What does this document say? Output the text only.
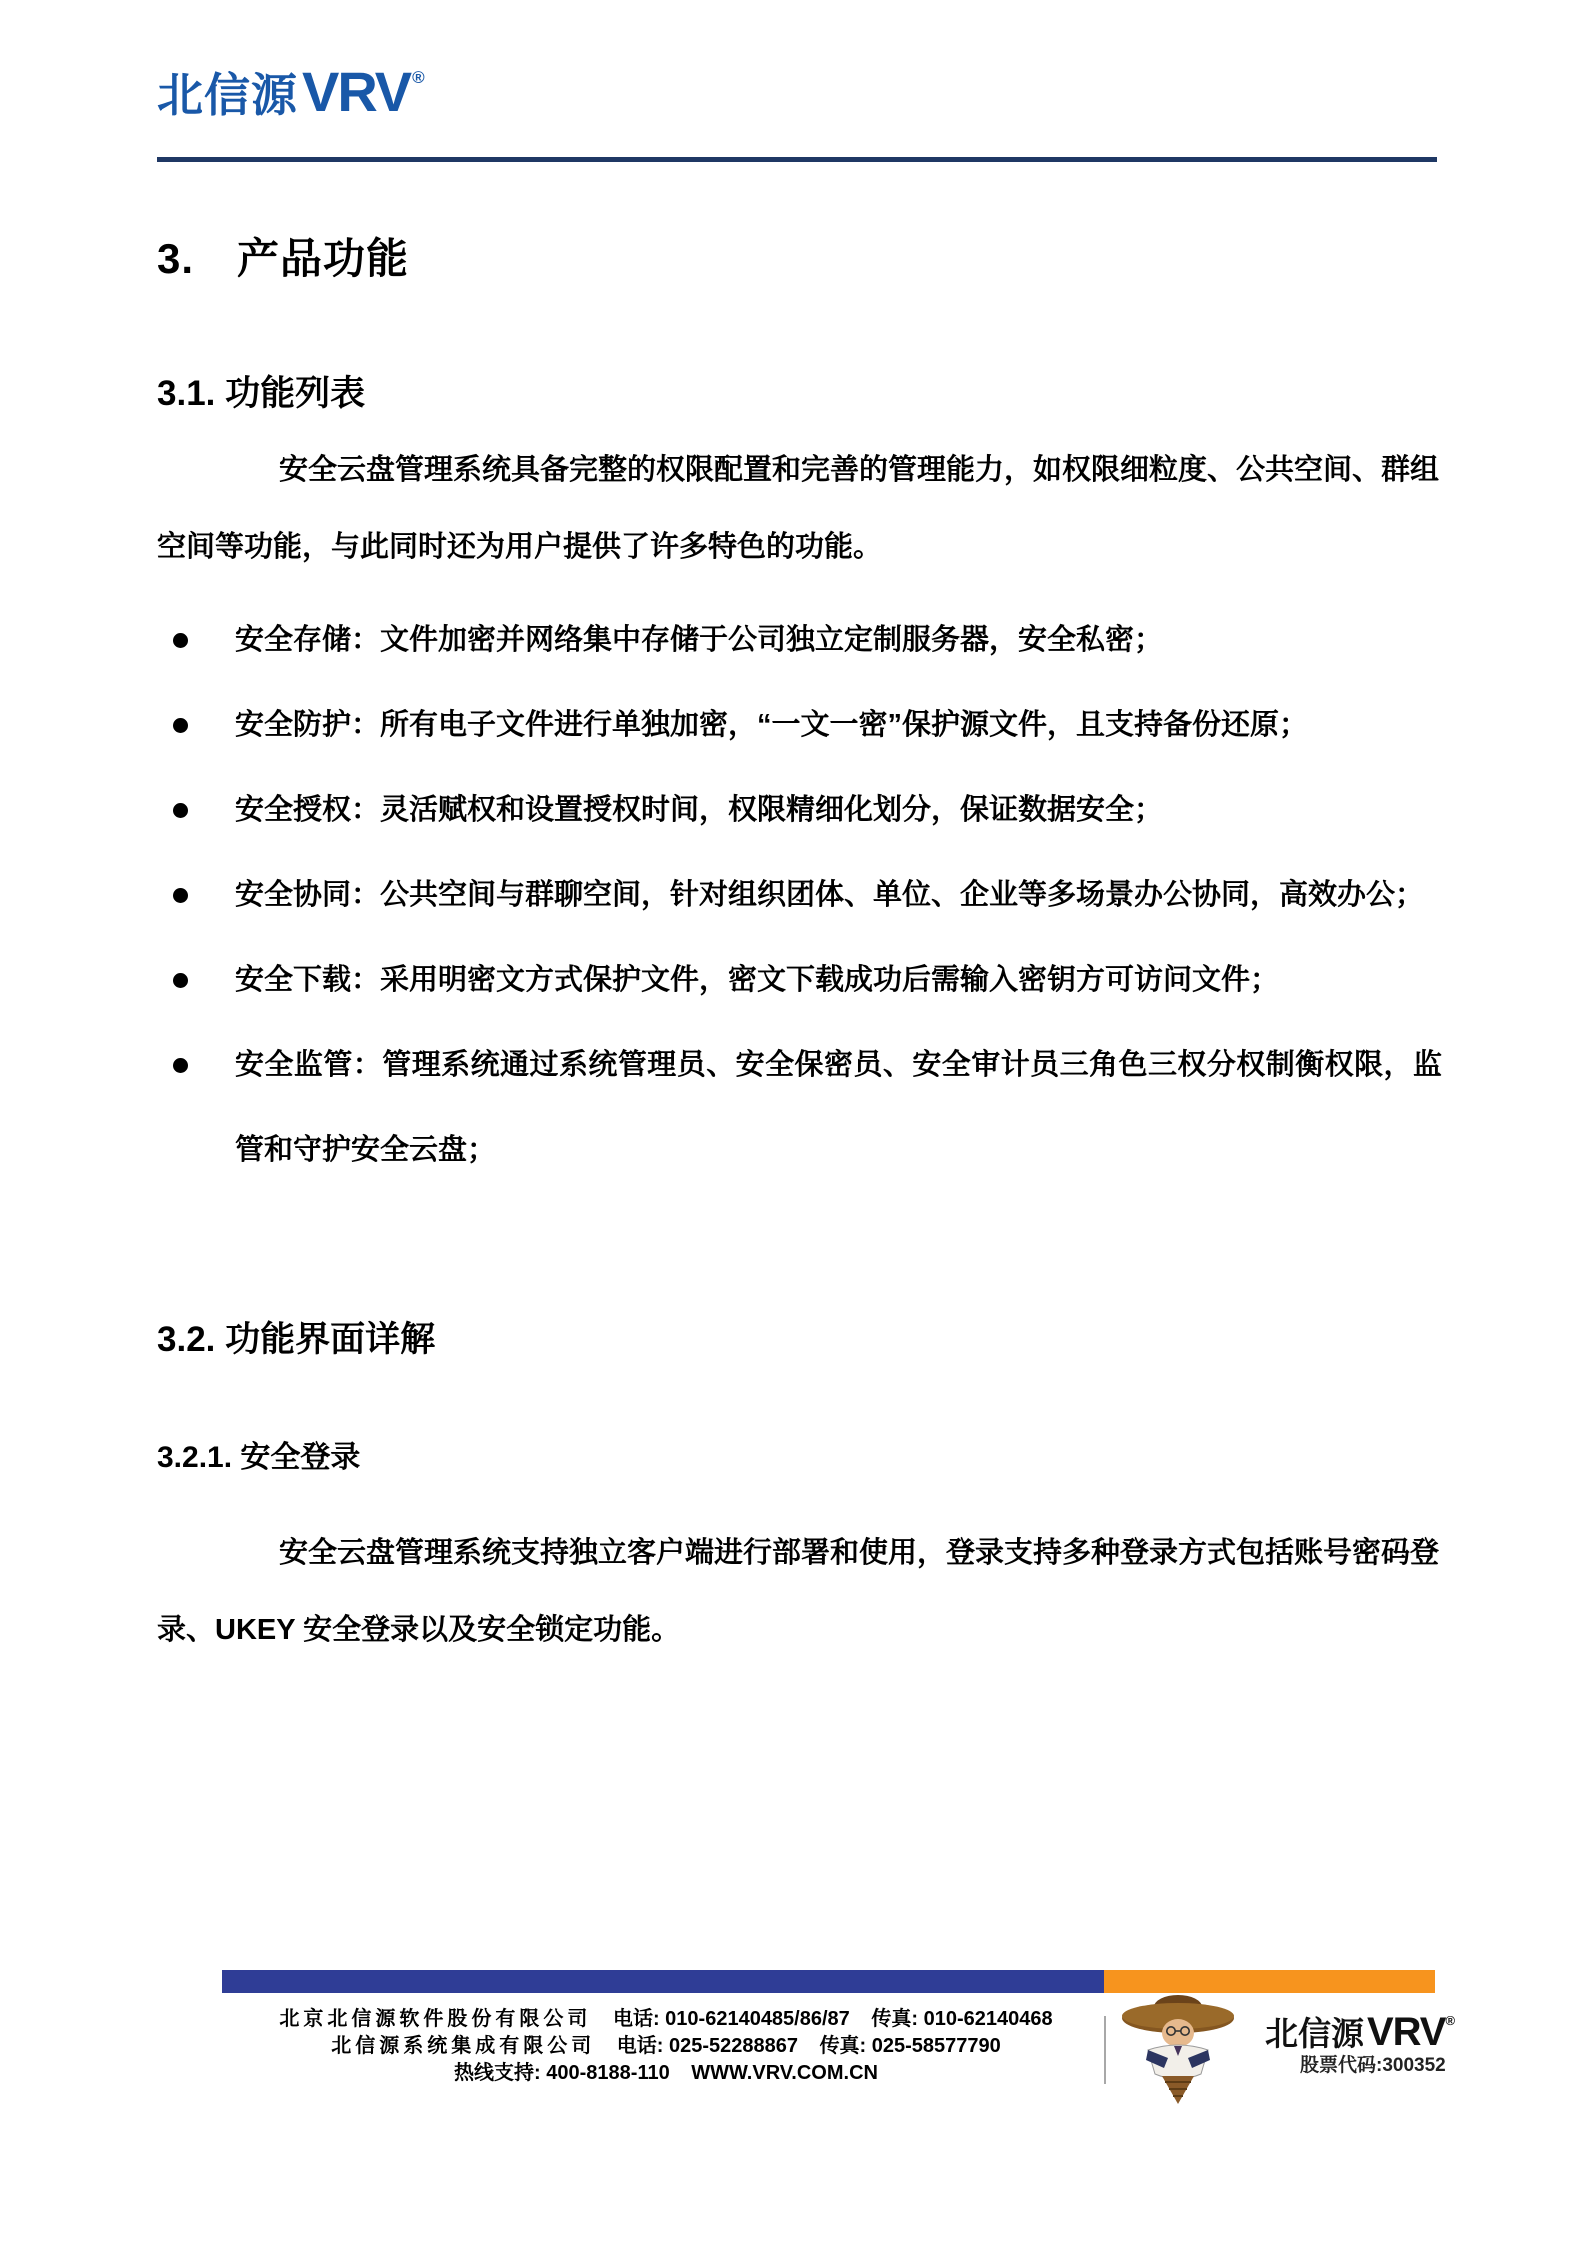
北信源VRV ®
3.　产品功能
3.1. 功能列表
安全云盘管理系统具备完整的权限配置和完善的管理能力，如权限细粒度、公共空间、群组空间等功能，与此同时还为用户提供了许多特色的功能。
安全存储：文件加密并网络集中存储于公司独立定制服务器，安全私密；
安全防护：所有电子文件进行单独加密，“一文一密”保护源文件，且支持备份还原；
安全授权：灵活赋权和设置授权时间，权限精细化划分，保证数据安全；
安全协同：公共空间与群聊空间，针对组织团体、单位、企业等多场景办公协同，高效办公；
安全下载：采用明密文方式保护文件，密文下载成功后需输入密钥方可访问文件；
安全监管：管理系统通过系统管理员、安全保密员、安全审计员三角色三权分权制衡权限，监管和守护安全云盘；
3.2. 功能界面详解
3.2.1. 安全登录
安全云盘管理系统支持独立客户端进行部署和使用，登录支持多种登录方式包括账号密码登录、UKEY 安全登录以及安全锁定功能。
北京北信源软件股份有限公司 电话: 010-62140485/86/87 传真: 010-62140468
北信源系统集成有限公司 电话: 025-52288867 传真: 025-58577790
热线支持: 400-8188-110 WWW.VRV.COM.CN
北信源VRV®
股票代码:300352
